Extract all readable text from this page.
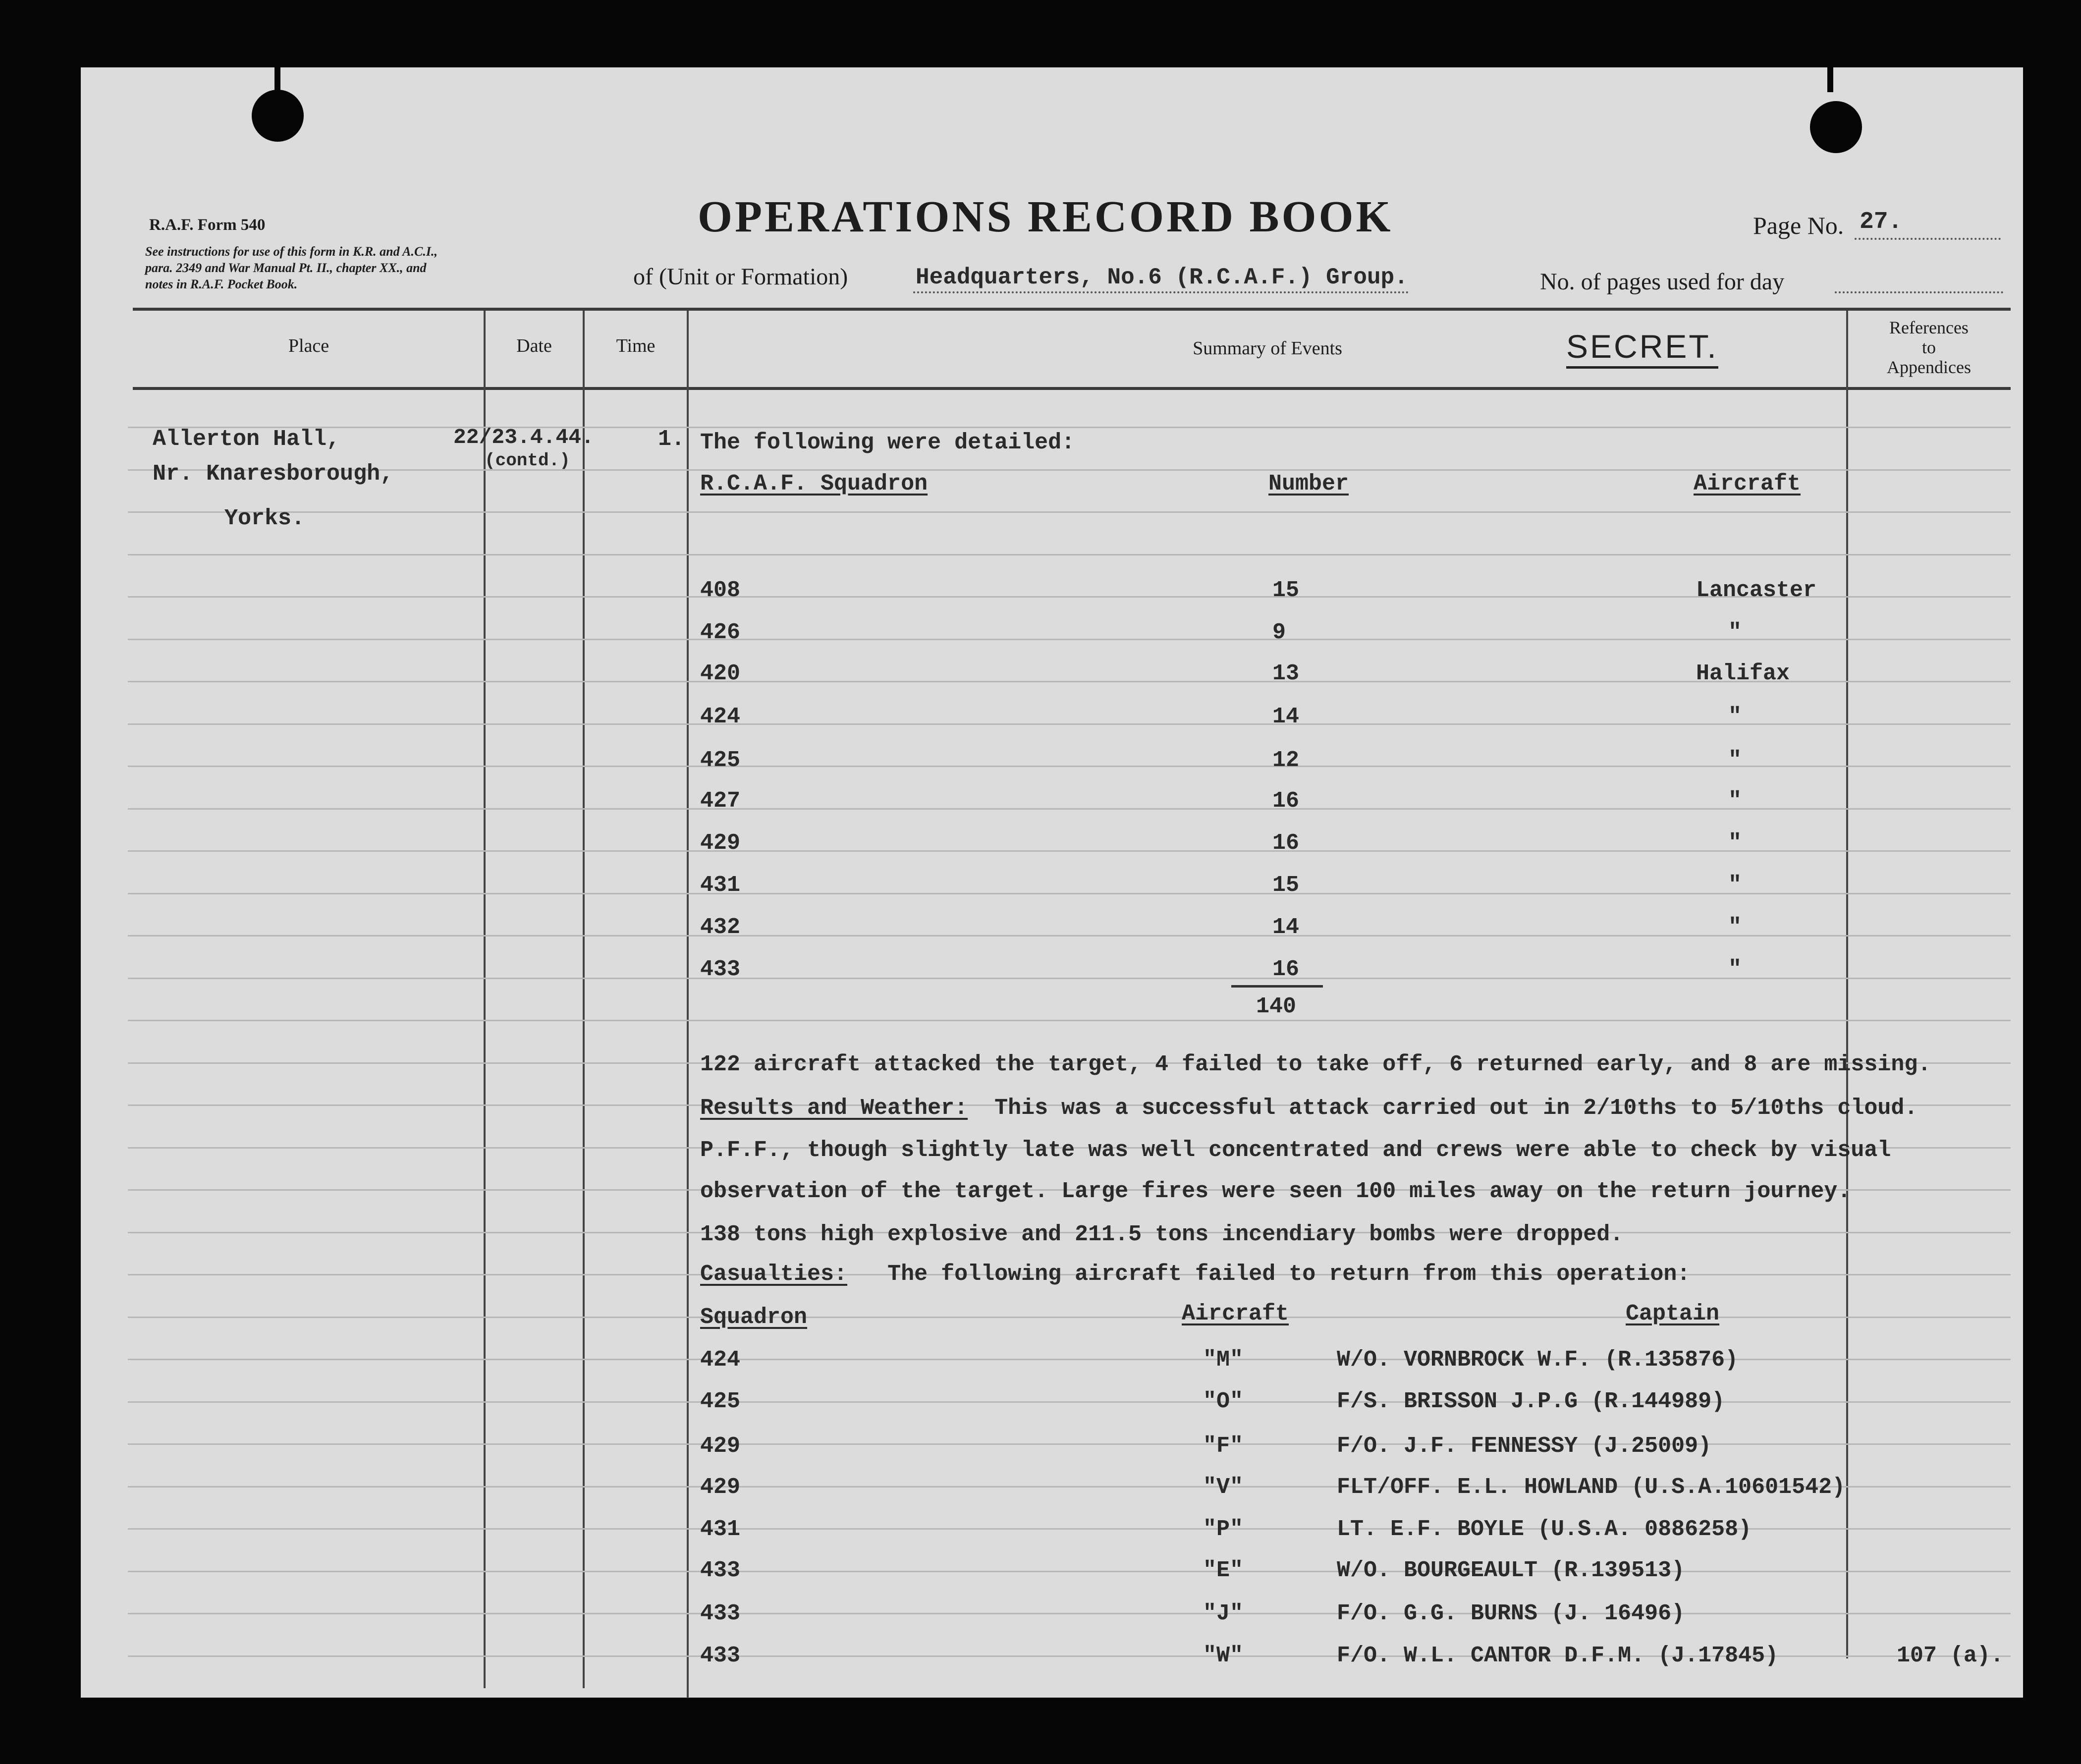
R.A.F. Form 540
See instructions for use of this form in K.R. and A.C.I.,
para. 2349 and War Manual Pt. II., chapter XX., and
notes in R.A.F. Pocket Book.
OPERATIONS RECORD BOOK	Page No. 27.
of (Unit or Formation)	Headquarters, No.6 (R.C.A.F.) Group.	No. of pages used for day
Place	Date	Time	Summary of Events
References
to
Appendices
SECRET.
Allerton Hall,
Nr. Knaresborough,
Yorks.
22/23.4.44.
(contd.)
1. The following were detailed:
R.C.A.F. Squadron	Number	Aircraft
408	15	Lancaster
426	9	"
420	13	Halifax
424	14	"
425	12	"
427	16	"
429	16	"
431	15	"
432	14	"
433	16	"
140
122 aircraft attacked the target, 4 failed to take off, 6 returned early, and 8 are missing.
Results and Weather: This was a successful attack carried out in 2/10ths to 5/10ths cloud.
P.F.F., though slightly late was well concentrated and crews were able to check by visual
observation of the target. Large fires were seen 100 miles away on the return journey.
138 tons high explosive and 211.5 tons incendiary bombs were dropped.
Casualties: The following aircraft failed to return from this operation:
Squadron	Aircraft	Captain
424	"M"	W/O. VORNBROCK W.F. (R.135876)
425	"O"	F/S. BRISSON J.P.G (R.144989)
429	"F"	F/O. J.F. FENNESSY (J.25009)
429	"V"	FLT/OFF. E.L. HOWLAND (U.S.A.10601542)
431	"P"	LT. E.F. BOYLE (U.S.A. 0886258)
433	"E"	W/O. BOURGEAULT (R.139513)
433	"J"	F/O. G.G. BURNS (J. 16496)
433	"W"	F/O. W.L. CANTOR D.F.M. (J.17845)	107 (a).
